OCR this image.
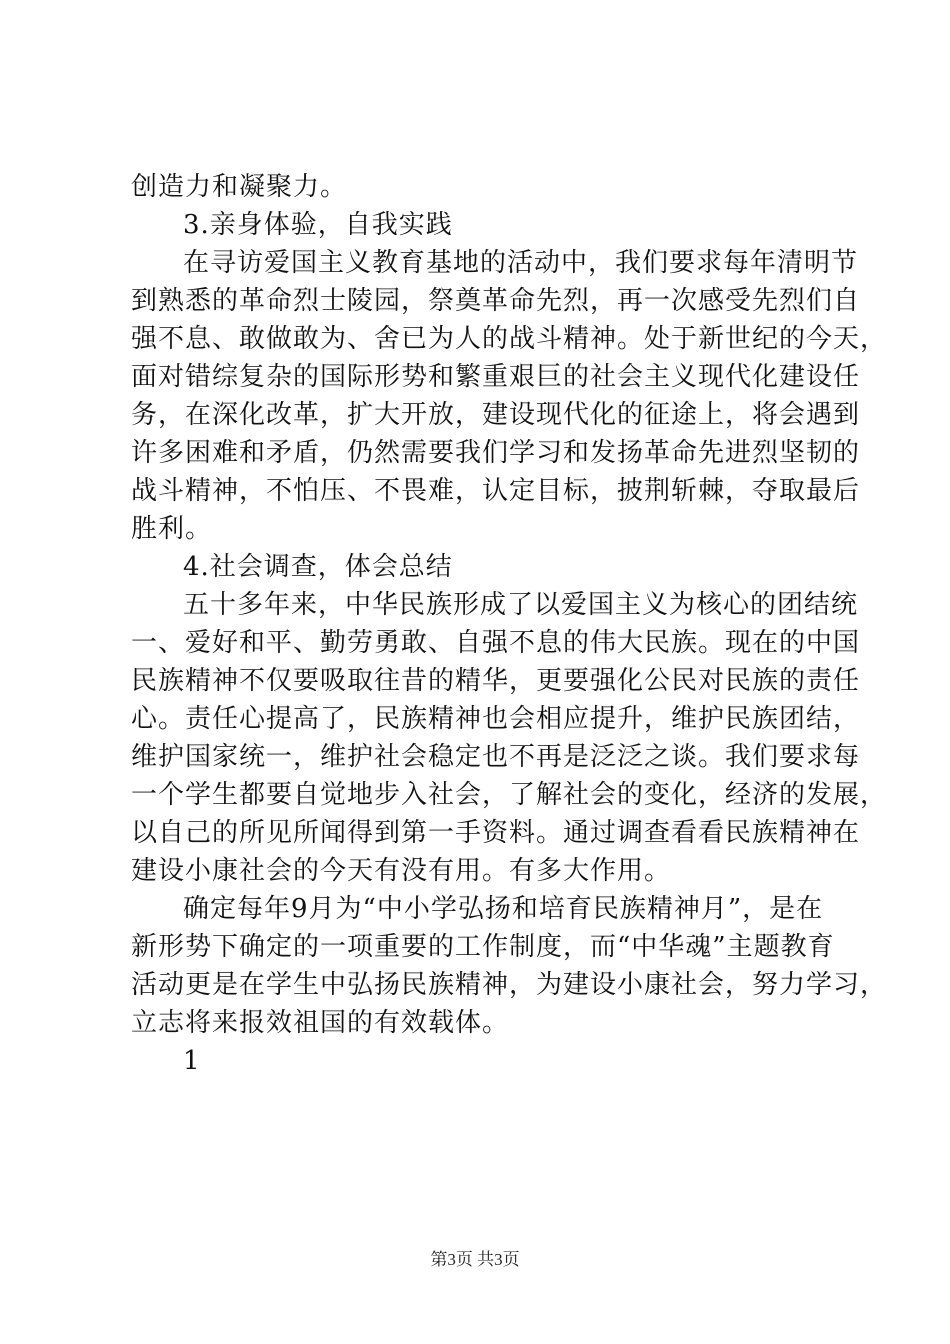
创造力和凝聚力。
3.亲身体验，自我实践
在寻访爱国主义教育基地的活动中，我们要求每年清明节
到熟悉的革命烈士陵园，祭奠革命先烈，再一次感受先烈们自
强不息、敢做敢为、舍已为人的战斗精神。处于新世纪的今天，
面对错综复杂的国际形势和繁重艰巨的社会主义现代化建设任
务，在深化改革，扩大开放，建设现代化的征途上，将会遇到
许多困难和矛盾，仍然需要我们学习和发扬革命先进烈坚韧的
战斗精神，不怕压、不畏难，认定目标，披荆斩棘，夺取最后
胜利。
4.社会调查，体会总结
五十多年来，中华民族形成了以爱国主义为核心的团结统
一、爱好和平、勤劳勇敢、自强不息的伟大民族。现在的中国
民族精神不仅要吸取往昔的精华，更要强化公民对民族的责任
心。责任心提高了，民族精神也会相应提升，维护民族团结，
维护国家统一，维护社会稳定也不再是泛泛之谈。我们要求每
一个学生都要自觉地步入社会，了解社会的变化，经济的发展，
以自己的所见所闻得到第一手资料。通过调查看看民族精神在
建设小康社会的今天有没有用。有多大作用。
确定每年9月为“中小学弘扬和培育民族精神月”，是在
新形势下确定的一项重要的工作制度，而“中华魂”主题教育
活动更是在学生中弘扬民族精神，为建设小康社会，努力学习，
立志将来报效祖国的有效载体。
1
第3页 共3页
